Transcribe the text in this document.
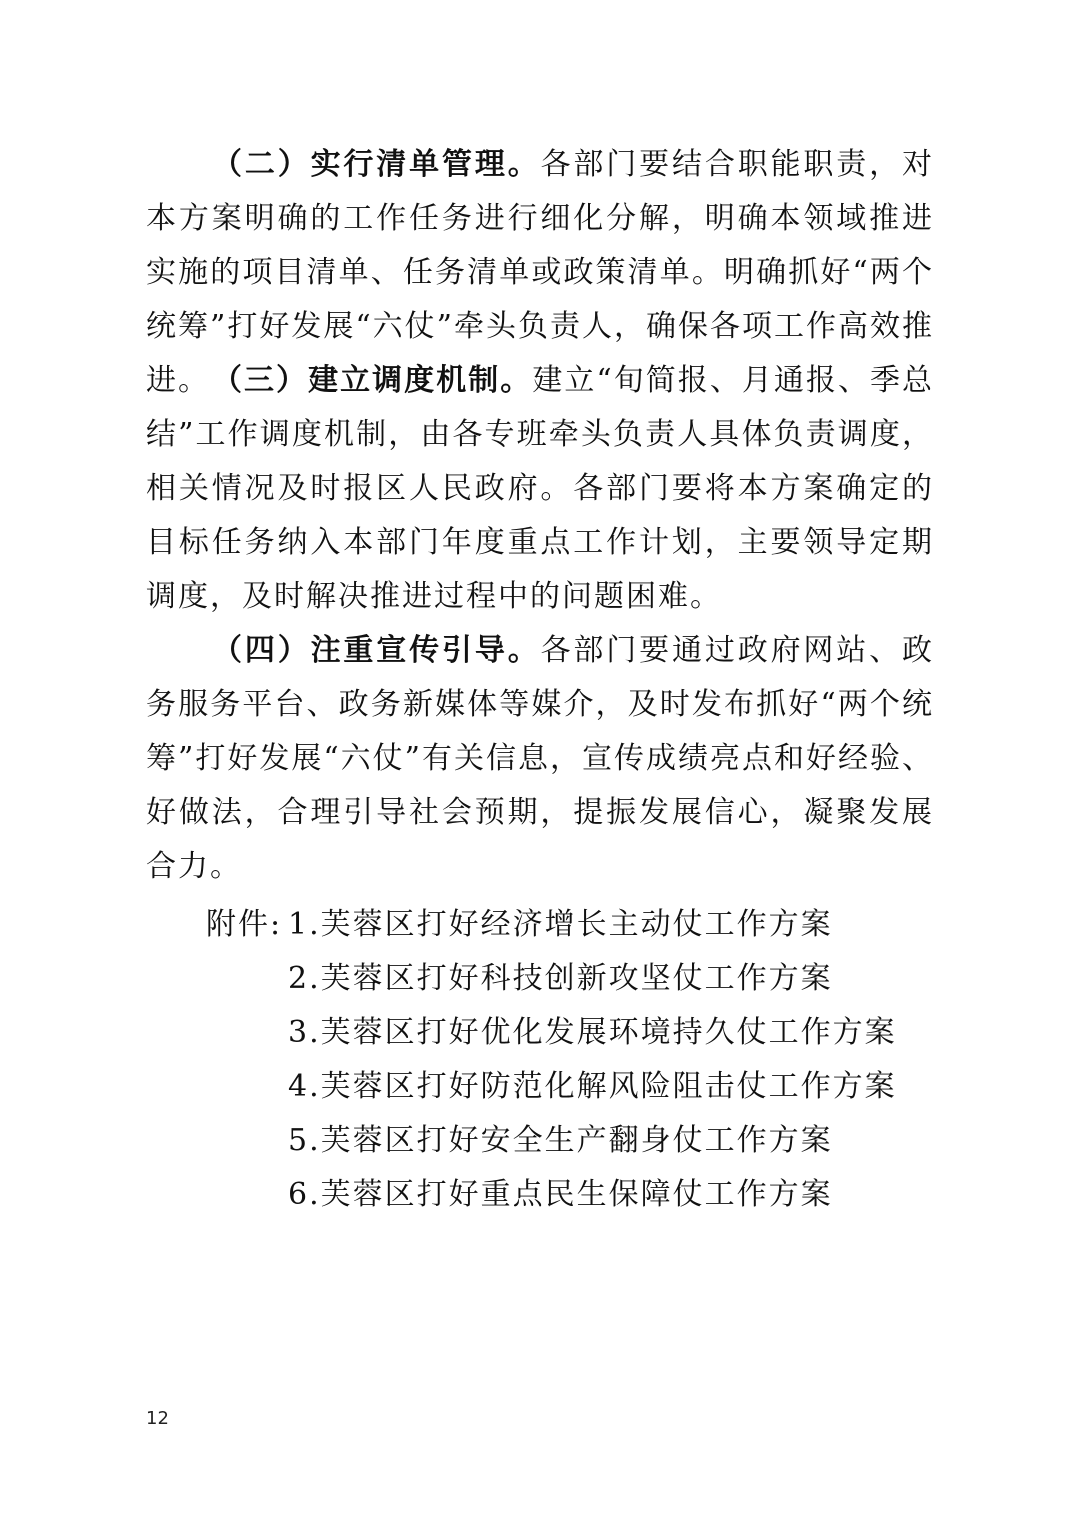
（二）实行清单管理。各部门要结合职能职责，对本方案明确的工作任务进行细化分解，明确本领域推进实施的项目清单、任务清单或政策清单。明确抓好“两个统筹”打好发展“六仗”牵头负责人，确保各项工作高效推进。 （三）建立调度机制。建立“旬简报、月通报、季总结”工作调度机制，由各专班牵头负责人具体负责调度，相关情况及时报区人民政府。各部门要将本方案确定的目标任务纳入本部门年度重点工作计划，主要领导定期调度，及时解决推进过程中的问题困难。

（四）注重宣传引导。各部门要通过政府网站、政务服务平台、政务新媒体等媒介，及时发布抓好“两个统筹”打好发展“六仗”有关信息，宣传成绩亮点和好经验、好做法，合理引导社会预期，提振发展信心，凝聚发展合力。

附件: 1.芙蓉区打好经济增长主动仗工作方案
2.芙蓉区打好科技创新攻坚仗工作方案
3.芙蓉区打好优化发展环境持久仗工作方案
4.芙蓉区打好防范化解风险阻击仗工作方案
5.芙蓉区打好安全生产翻身仗工作方案
6.芙蓉区打好重点民生保障仗工作方案
12
